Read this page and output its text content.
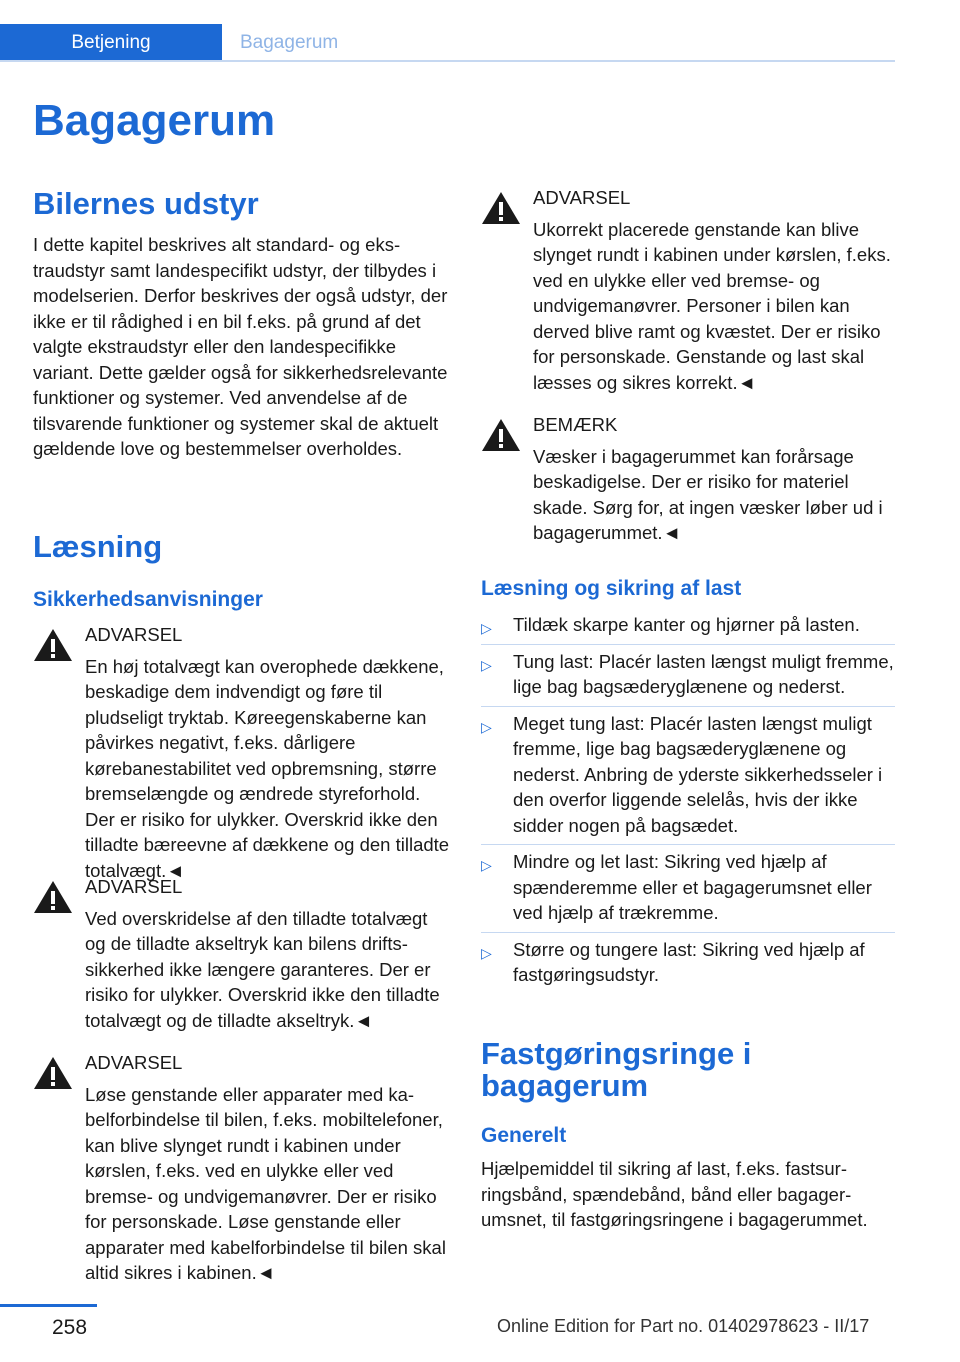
Betjening	Bagagerum
Bagagerum
Bilernes udstyr

I dette kapitel beskrives alt standard- og ekstraudstyr samt landespecifikt udstyr, der tilbydes i modelserien. Derfor beskrives der også udstyr, der ikke er til rådighed i en bil f.eks. på grund af det valgte ekstraudstyr eller den landespecifikke variant. Dette gælder også for sikkerhedsrelevante funktioner og systemer. Ved anvendelse af de tilsvarende funktioner og systemer skal de aktuelt gældende love og bestemmelser overholdes.

Læsning
Sikkerhedsanvisninger
ADVARSEL
En høj totalvægt kan overophede dækkene, beskadige dem indvendigt og føre til pludseligt tryktab. Køreegenskaberne kan påvirkes negativt, f.eks. dårligere kørebanestabilitet ved opbremsning, større bremselængde og ændrede styreforhold. Der er risiko for ulykker. Overskrid ikke den tilladte bæreevne af dækkene og den tilladte totalvægt.◄
ADVARSEL
Ved overskridelse af den tilladte totalvægt og de tilladte akseltryk kan bilens driftssikkerhed ikke længere garanteres. Der er risiko for ulykker. Overskrid ikke den tilladte totalvægt og de tilladte akseltryk.◄
ADVARSEL
Løse genstande eller apparater med kabelforbindelse til bilen, f.eks. mobiltelefoner, kan blive slynget rundt i kabinen under kørslen, f.eks. ved en ulykke eller ved bremse- og undvigemanøvrer. Der er risiko for personskade. Løse genstande eller apparater med kabelforbindelse til bilen skal altid sikres i kabinen.◄
ADVARSEL
Ukorrekt placerede genstande kan blive slynget rundt i kabinen under kørslen, f.eks. ved en ulykke eller ved bremse- og undvigemanøvrer. Personer i bilen kan derved blive ramt og kvæstet. Der er risiko for personskade. Genstande og last skal læsses og sikres korrekt.◄
BEMÆRK
Væsker i bagagerummet kan forårsage beskadigelse. Der er risiko for materiel skade. Sørg for, at ingen væsker løber ud i bagagerummet.◄
Læsning og sikring af last
▷ Tildæk skarpe kanter og hjørner på lasten.
▷ Tung last: Placér lasten længst muligt fremme, lige bag bagsæderyglænene og nederst.
▷ Meget tung last: Placér lasten længst muligt fremme, lige bag bagsæderyglænene og nederst. Anbring de yderste sikkerhedsseler i den overfor liggende selelås, hvis der ikke sidder nogen på bagsædet.
▷ Mindre og let last: Sikring ved hjælp af spænderemme eller et bagagerumsnet eller ved hjælp af trækremme.
▷ Større og tungere last: Sikring ved hjælp af fastgøringsudstyr.
Fastgøringsringe i bagagerum
Generelt

Hjælpemiddel til sikring af last, f.eks. fastsurringsbånd, spændebånd, bånd eller bagagerumsnet, til fastgøringsringene i bagagerummet.

258	Online Edition for Part no. 01402978623 - II/17
